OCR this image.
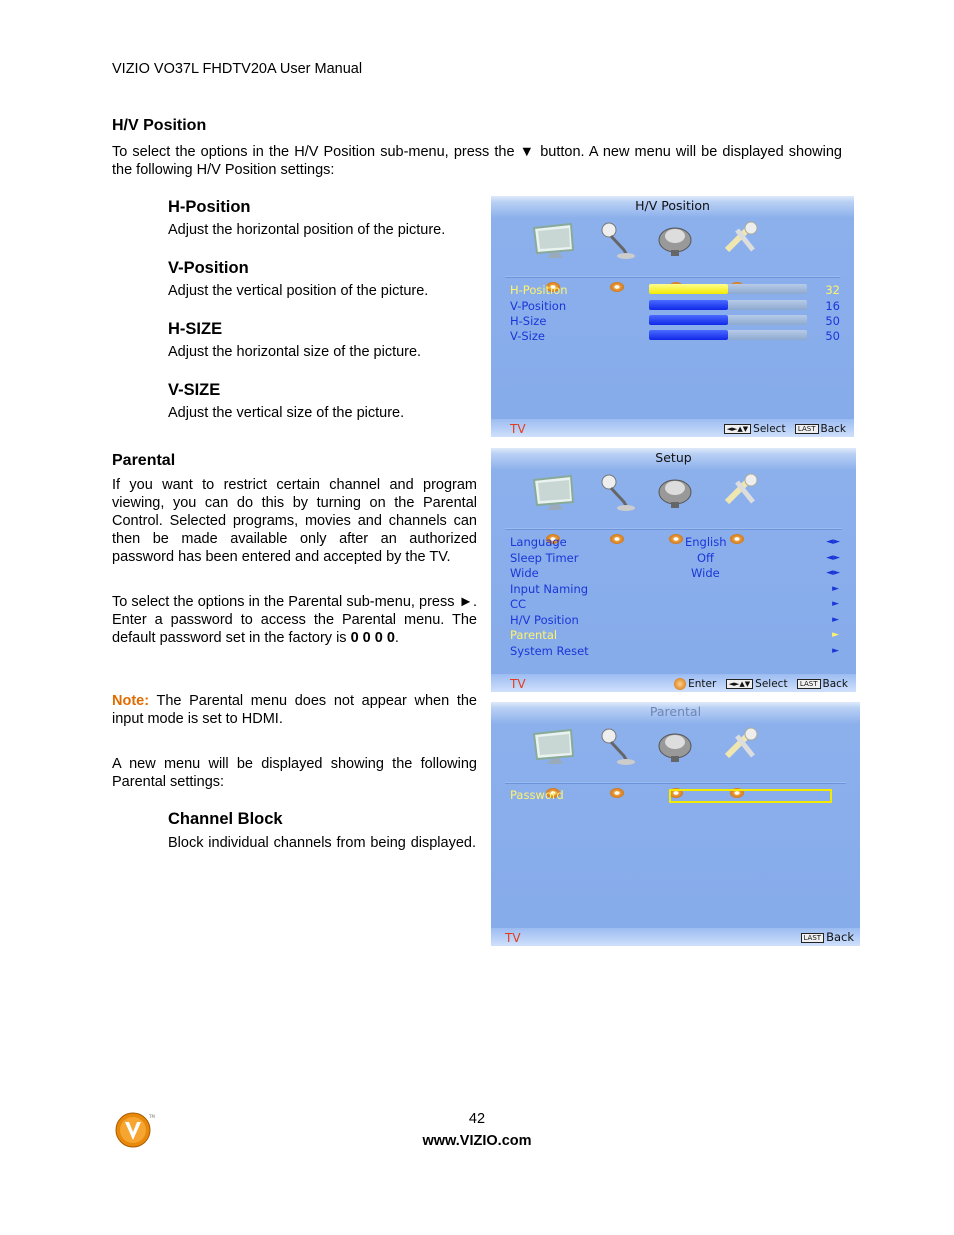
VIZIO VO37L FHDTV20A User Manual
H/V Position
To select the options in the H/V Position sub-menu, press the ▼ button. A new menu will be displayed showing the following H/V Position settings:
H-Position
Adjust the horizontal position of the picture.
V-Position
Adjust the vertical position of the picture.
H-SIZE
Adjust the horizontal size of the picture.
V-SIZE
Adjust the vertical size of the picture.
Parental
If you want to restrict certain channel and program viewing, you can do this by turning on the Parental Control. Selected programs, movies and channels can then be made available only after an authorized password has been entered and accepted by the TV.
To select the options in the Parental sub-menu, press ►. Enter a password to access the Parental menu. The default password set in the factory is 0 0 0 0.
Note: The Parental menu does not appear when the input mode is set to HDMI.
A new menu will be displayed showing the following Parental settings:
Channel Block
Block individual channels from being displayed.
H/V Position
H-Position	32
V-Position	16
H-Size	50
V-Size	50
TV	◄►▲▼ Select LAST Back
Setup
Language	English	◄►
Sleep Timer	Off	◄►
Wide	Wide	◄►
Input Naming	►
CC	►
H/V Position	►
Parental	►
System Reset	►
TV	Enter ◄►▲▼ Select LAST Back
Parental
Password
TV	LAST Back
TM	42
www.VIZIO.com
